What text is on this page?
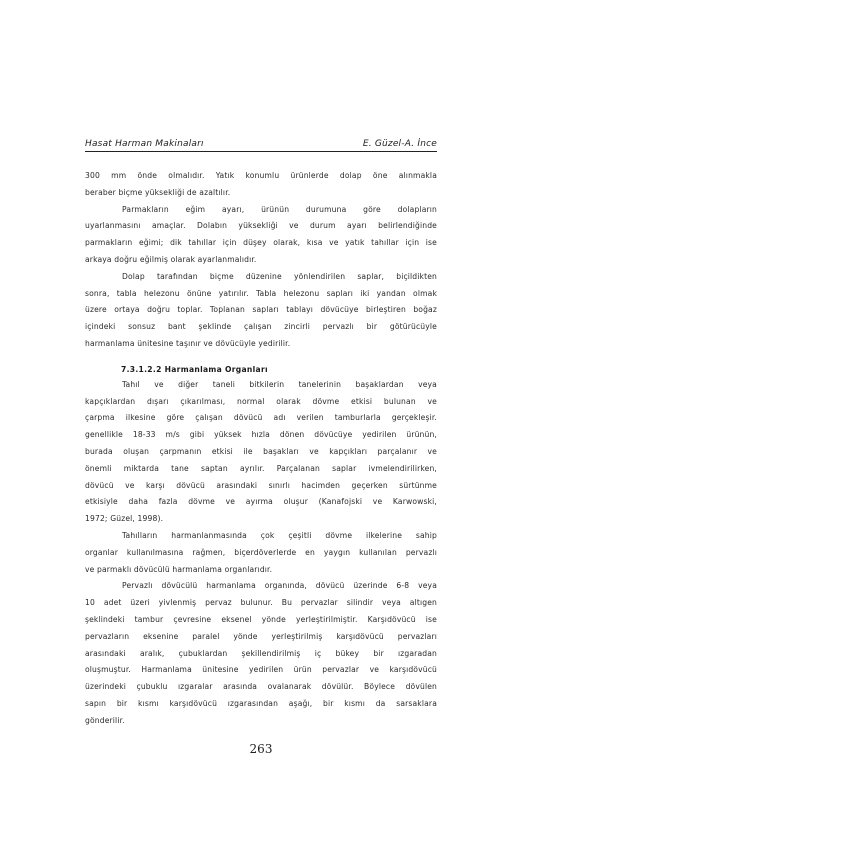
Hasat Harman Makinaları	E. Güzel-A. İnce
300 mm önde olmalıdır. Yatık konumlu ürünlerde dolap öne alınmakla
beraber biçme yüksekliği de azaltılır.
Parmakların eğim ayarı, ürünün durumuna göre dolapların
uyarlanmasını amaçlar. Dolabın yüksekliği ve durum ayarı belirlendiğinde
parmakların eğimi; dik tahıllar için düşey olarak, kısa ve yatık tahıllar için ise
arkaya doğru eğilmiş olarak ayarlanmalıdır.
Dolap tarafından biçme düzenine yönlendirilen saplar, biçildikten
sonra, tabla helezonu önüne yatırılır. Tabla helezonu sapları iki yandan olmak
üzere ortaya doğru toplar. Toplanan sapları tablayı dövücüye birleştiren boğaz
içindeki sonsuz bant şeklinde çalışan zincirli pervazlı bir götürücüyle
harmanlama ünitesine taşınır ve dövücüyle yedirilir.
7.3.1.2.2 Harmanlama Organları
Tahıl ve diğer taneli bitkilerin tanelerinin başaklardan veya
kapçıklardan dışarı çıkarılması, normal olarak dövme etkisi bulunan ve
çarpma ilkesine göre çalışan dövücü adı verilen tamburlarla gerçekleşir.
genellikle 18-33 m/s gibi yüksek hızla dönen dövücüye yedirilen ürünün,
burada oluşan çarpmanın etkisi ile başakları ve kapçıkları parçalanır ve
önemli miktarda tane saptan ayrılır. Parçalanan saplar ivmelendirilirken,
dövücü ve karşı dövücü arasındaki sınırlı hacimden geçerken sürtünme
etkisiyle daha fazla dövme ve ayırma oluşur (Kanafojski ve Karwowski,
1972; Güzel, 1998).
Tahılların harmanlanmasında çok çeşitli dövme ilkelerine sahip
organlar kullanılmasına rağmen, biçerdöverlerde en yaygın kullanılan pervazlı
ve parmaklı dövücülü harmanlama organlarıdır.
Pervazlı dövücülü harmanlama organında, dövücü üzerinde 6-8 veya
10 adet üzeri yivlenmiş pervaz bulunur. Bu pervazlar silindir veya altıgen
şeklindeki tambur çevresine eksenel yönde yerleştirilmiştir. Karşıdövücü ise
pervazların eksenine paralel yönde yerleştirilmiş karşıdövücü pervazları
arasındaki aralık, çubuklardan şekillendirilmiş iç bükey bir ızgaradan
oluşmuştur. Harmanlama ünitesine yedirilen ürün pervazlar ve karşıdövücü
üzerindeki çubuklu ızgaralar arasında ovalanarak dövülür. Böylece dövülen
sapın bir kısmı karşıdövücü ızgarasından aşağı, bir kısmı da sarsaklara
gönderilir.
263
